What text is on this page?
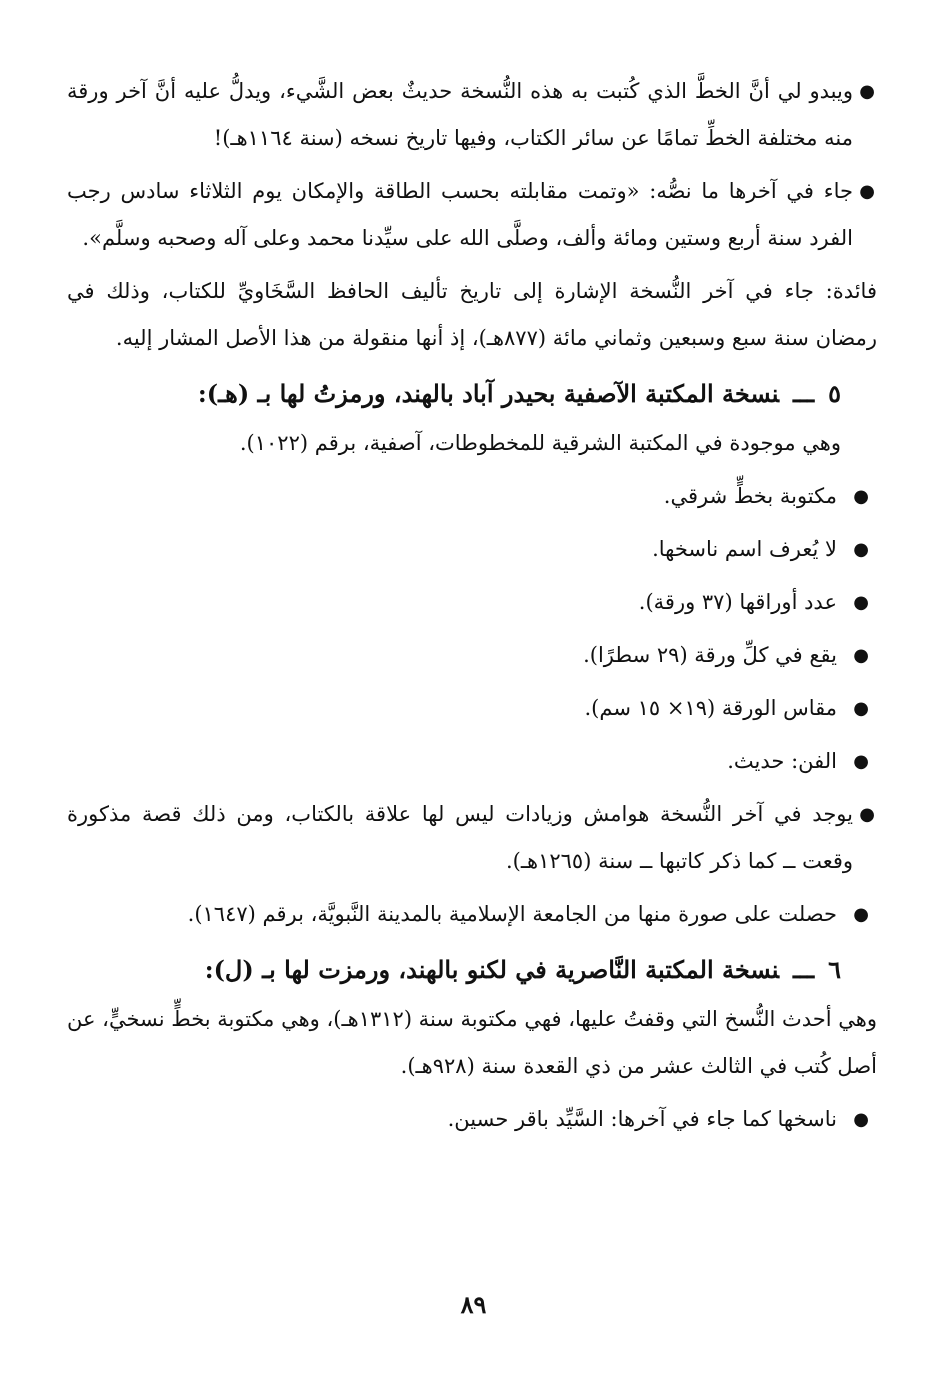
●
ويبدو لي أنَّ الخطَّ الذي كُتبت به هذه النُّسخة حديثٌ بعض الشَّيء، ويدلُّ عليه أنَّ آخر ورقة منه مختلفة الخطِّ تمامًا عن سائر الكتاب، وفيها تاريخ نسخه (سنة ١١٦٤هـ)!

●
جاء في آخرها ما نصُّه: «وتمت مقابلته بحسب الطاقة والإمكان يوم الثلاثاء سادس رجب الفرد سنة أربع وستين ومائة وألف، وصلَّى الله على سيِّدنا محمد وعلى آله وصحبه وسلَّم».

فائدة: جاء في آخر النُّسخة الإشارة إلى تاريخ تأليف الحافظ السَّخَاويِّ للكتاب، وذلك في رمضان سنة سبع وسبعين وثماني مائة (٨٧٧هـ)، إذ أنها منقولة من هذا الأصل المشار إليه.

٥ـــنسخة المكتبة الآصفية بحيدر آباد بالهند، ورمزتُ لها بـ (هـ):

وهي موجودة في المكتبة الشرقية للمخطوطات، آصفية، برقم (١٠٢٢).

●
مكتوبة بخطٍّ شرقي.

●
لا يُعرف اسم ناسخها.

●
عدد أوراقها (٣٧ ورقة).

●
يقع في كلِّ ورقة (٢٩ سطرًا).

●
مقاس الورقة (١٩× ١٥ سم).

●
الفن: حديث.

●
يوجد في آخر النُّسخة هوامش وزيادات ليس لها علاقة بالكتاب، ومن ذلك قصة مذكورة وقعت ــ كما ذكر كاتبها ــ سنة (١٢٦٥هـ).

●
حصلت على صورة منها من الجامعة الإسلامية بالمدينة النَّبويَّة، برقم (١٦٤٧).

٦ـــنسخة المكتبة النَّاصرية في لكنو بالهند، ورمزت لها بـ (ل):

وهي أحدث النُّسخ التي وقفتُ عليها، فهي مكتوبة سنة (١٣١٢هـ)، وهي مكتوبة بخطٍّ نسخيٍّ، عن أصل كُتب في الثالث عشر من ذي القعدة سنة (٩٢٨هـ).

●
ناسخها كما جاء في آخرها: السَّيِّد باقر حسين.

٨٩
